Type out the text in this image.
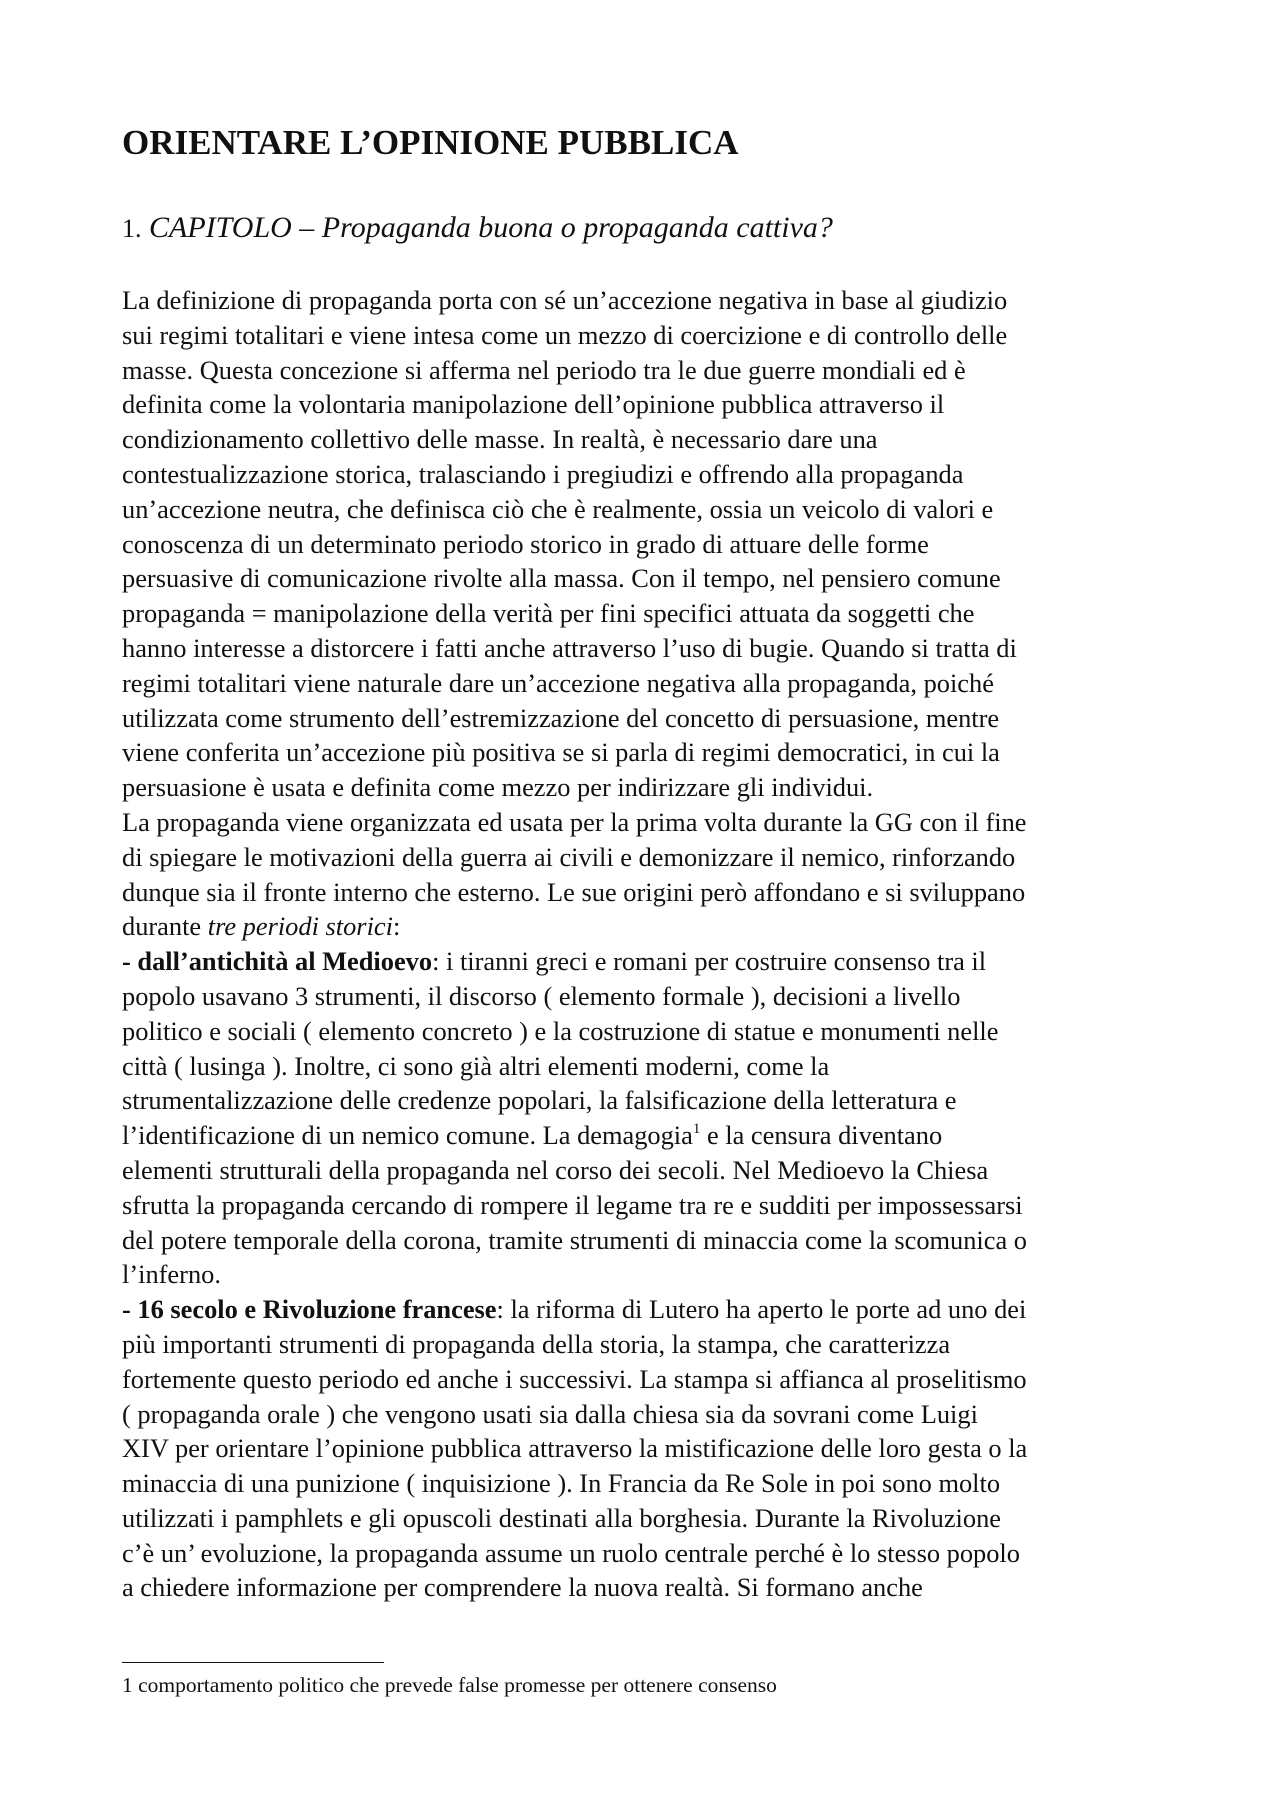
ORIENTARE L’OPINIONE PUBBLICA
1. CAPITOLO – Propaganda buona o propaganda cattiva?
La definizione di propaganda porta con sé un’accezione negativa in base al giudizio
sui regimi totalitari e viene intesa come un mezzo di coercizione e di controllo delle
masse. Questa concezione si afferma nel periodo tra le due guerre mondiali ed è
definita come la volontaria manipolazione dell’opinione pubblica attraverso il
condizionamento collettivo delle masse. In realtà, è necessario dare una
contestualizzazione storica, tralasciando i pregiudizi e offrendo alla propaganda
un’accezione neutra, che definisca ciò che è realmente, ossia un veicolo di valori e
conoscenza di un determinato periodo storico in grado di attuare delle forme
persuasive di comunicazione rivolte alla massa. Con il tempo, nel pensiero comune
propaganda = manipolazione della verità per fini specifici attuata da soggetti che
hanno interesse a distorcere i fatti anche attraverso l’uso di bugie. Quando si tratta di
regimi totalitari viene naturale dare un’accezione negativa alla propaganda, poiché
utilizzata come strumento dell’estremizzazione del concetto di persuasione, mentre
viene conferita un’accezione più positiva se si parla di regimi democratici, in cui la
persuasione è usata e definita come mezzo per indirizzare gli individui.
La propaganda viene organizzata ed usata per la prima volta durante la GG con il fine
di spiegare le motivazioni della guerra ai civili e demonizzare il nemico, rinforzando
dunque sia il fronte interno che esterno. Le sue origini però affondano e si sviluppano
durante tre periodi storici:
- dall’antichità al Medioevo: i tiranni greci e romani per costruire consenso tra il
popolo usavano 3 strumenti, il discorso ( elemento formale ), decisioni a livello
politico e sociali ( elemento concreto ) e la costruzione di statue e monumenti nelle
città ( lusinga ). Inoltre, ci sono già altri elementi moderni, come la
strumentalizzazione delle credenze popolari, la falsificazione della letteratura e
l’identificazione di un nemico comune. La demagogia$^1$ e la censura diventano
elementi strutturali della propaganda nel corso dei secoli. Nel Medioevo la Chiesa
sfrutta la propaganda cercando di rompere il legame tra re e sudditi per impossessarsi
del potere temporale della corona, tramite strumenti di minaccia come la scomunica o
l’inferno.
- 16 secolo e Rivoluzione francese: la riforma di Lutero ha aperto le porte ad uno dei
più importanti strumenti di propaganda della storia, la stampa, che caratterizza
fortemente questo periodo ed anche i successivi. La stampa si affianca al proselitismo
( propaganda orale ) che vengono usati sia dalla chiesa sia da sovrani come Luigi
XIV per orientare l’opinione pubblica attraverso la mistificazione delle loro gesta o la
minaccia di una punizione ( inquisizione ). In Francia da Re Sole in poi sono molto
utilizzati i pamphlets e gli opuscoli destinati alla borghesia. Durante la Rivoluzione
c’è un’ evoluzione, la propaganda assume un ruolo centrale perché è lo stesso popolo
a chiedere informazione per comprendere la nuova realtà. Si formano anche
1 comportamento politico che prevede false promesse per ottenere consenso
